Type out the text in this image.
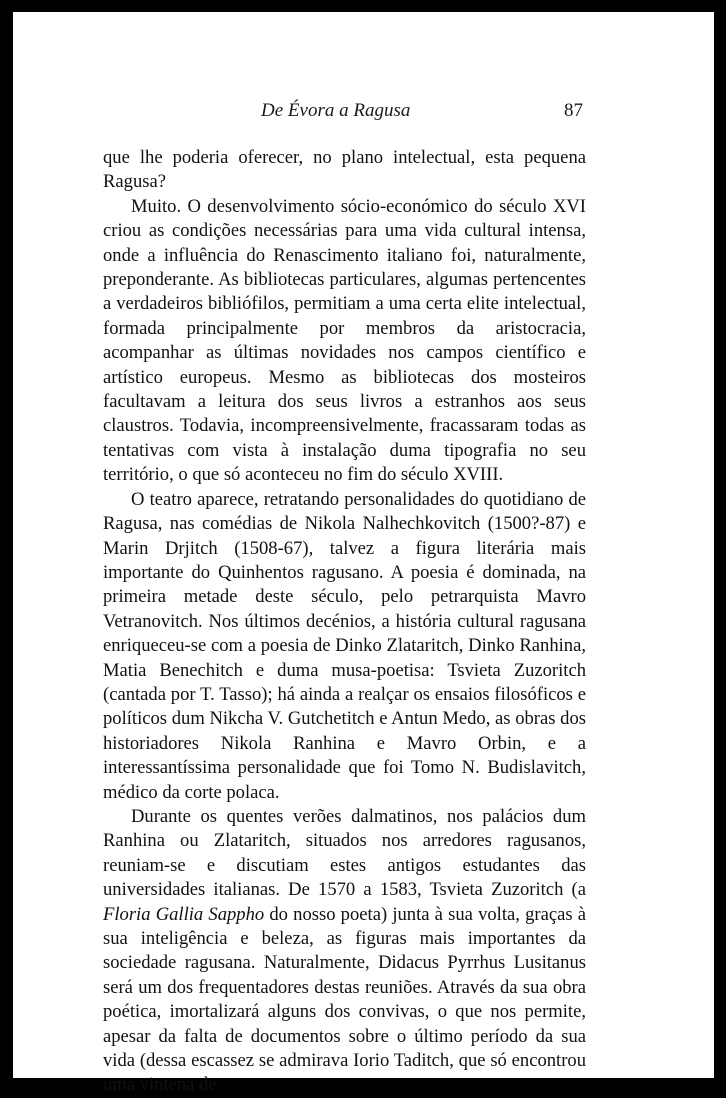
De Évora a Ragusa	87

que lhe poderia oferecer, no plano intelectual, esta pequena Ragusa?

Muito. O desenvolvimento sócio-económico do século XVI criou as condições necessárias para uma vida cultural intensa, onde a influência do Renascimento italiano foi, naturalmente, preponderante. As bibliotecas particulares, algumas pertencentes a verdadeiros bibliófilos, permitiam a uma certa elite intelectual, formada principalmente por membros da aristocracia, acompanhar as últimas novidades nos campos científico e artístico europeus. Mesmo as bibliotecas dos mosteiros facultavam a leitura dos seus livros a estranhos aos seus claustros. Todavia, incompreensivelmente, fracassaram todas as tentativas com vista à instalação duma tipografia no seu território, o que só aconteceu no fim do século XVIII.

O teatro aparece, retratando personalidades do quotidiano de Ragusa, nas comédias de Nikola Nalhechkovitch (1500?-87) e Marin Drjitch (1508-67), talvez a figura literária mais importante do Quinhentos ragusano. A poesia é dominada, na primeira metade deste século, pelo petrarquista Mavro Vetranovitch. Nos últimos decénios, a história cultural ragusana enriqueceu-se com a poesia de Dinko Zlataritch, Dinko Ranhina, Matia Benechitch e duma musa-poetisa: Tsvieta Zuzoritch (cantada por T. Tasso); há ainda a realçar os ensaios filosóficos e políticos dum Nikcha V. Gutchetitch e Antun Medo, as obras dos historiadores Nikola Ranhina e Mavro Orbin, e a interessantíssima personalidade que foi Tomo N. Budislavitch, médico da corte polaca.

Durante os quentes verões dalmatinos, nos palácios dum Ranhina ou Zlataritch, situados nos arredores ragusanos, reuniam-se e discutiam estes antigos estudantes das universidades italianas. De 1570 a 1583, Tsvieta Zuzoritch (a Floria Gallia Sappho do nosso poeta) junta à sua volta, graças à sua inteligência e beleza, as figuras mais importantes da sociedade ragusana. Naturalmente, Didacus Pyrrhus Lusitanus será um dos frequentadores destas reuniões. Através da sua obra poética, imortalizará alguns dos convivas, o que nos permite, apesar da falta de documentos sobre o último período da sua vida (dessa escassez se admirava Iorio Taditch, que só encontrou uma vintena de
